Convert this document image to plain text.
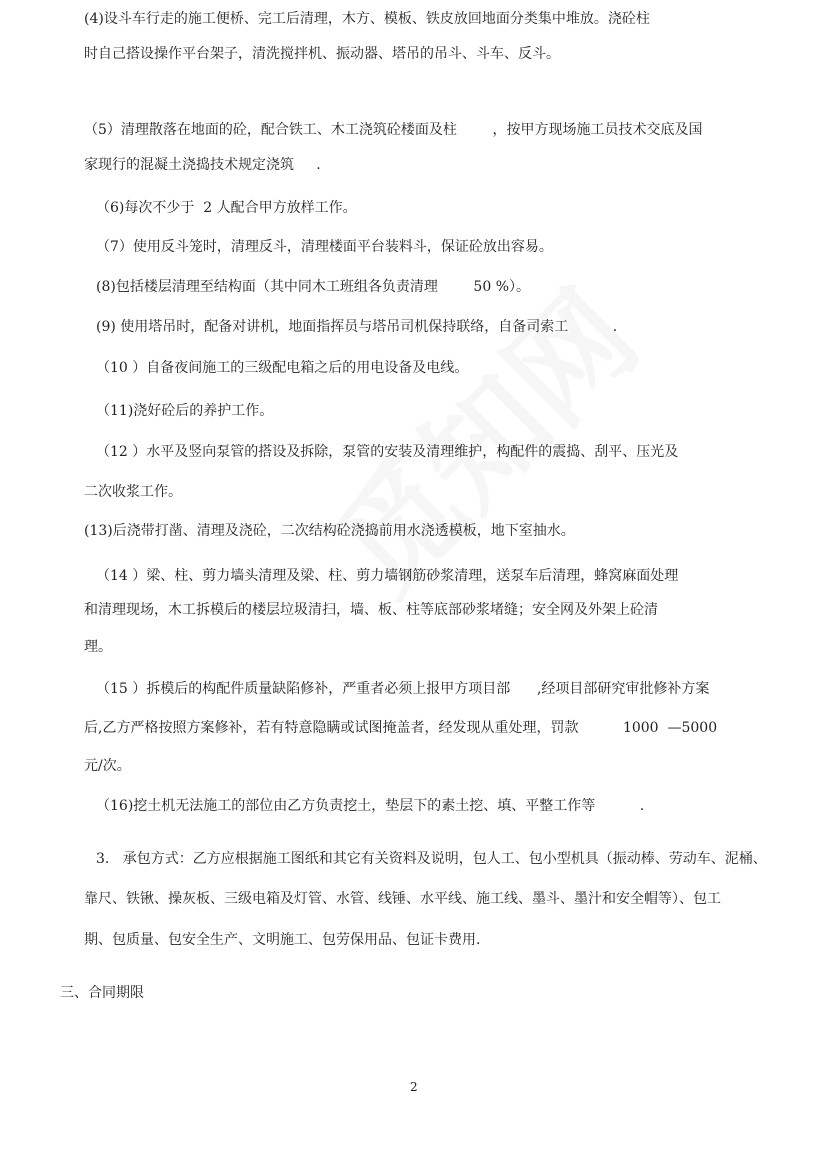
(4)设斗车行走的施工便桥、完工后清理，木方、模板、铁皮放回地面分类集中堆放。浇砼柱
时自己搭设操作平台架子，清洗搅拌机、振动器、塔吊的吊斗、斗车、反斗。
（5）清理散落在地面的砼，配合铁工、木工浇筑砼楼面及柱        ，按甲方现场施工员技术交底及国
家现行的混凝土浇捣技术规定浇筑     .
（6)每次不少于  2 人配合甲方放样工作。
（7）使用反斗笼时，清理反斗，清理楼面平台装料斗，保证砼放出容易。
(8)包括楼层清理至结构面（其中同木工班组各负责清理        50 %）。
(9) 使用塔吊时，配备对讲机，地面指挥员与塔吊司机保持联络，自备司索工          .
（10 ）自备夜间施工的三级配电箱之后的用电设备及电线。
（11)浇好砼后的养护工作。
（12 ）水平及竖向泵管的搭设及拆除，泵管的安装及清理维护，构配件的震捣、刮平、压光及
二次收浆工作。
(13)后浇带打凿、清理及浇砼，二次结构砼浇捣前用水浇透模板，地下室抽水。
（14 ）梁、柱、剪力墙头清理及梁、柱、剪力墙钢筋砂浆清理，送泵车后清理，蜂窝麻面处理
和清理现场，木工拆模后的楼层垃圾清扫，墙、板、柱等底部砂浆堵缝；安全网及外架上砼清
理。
（15 ）拆模后的构配件质量缺陷修补，严重者必须上报甲方项目部      ,经项目部研究审批修补方案
后,乙方严格按照方案修补，若有特意隐瞒或试图掩盖者，经发现从重处理，罚款          1000  —5000
元/次。
（16)挖土机无法施工的部位由乙方负责挖土，垫层下的素土挖、填、平整工作等          .
3.   承包方式：乙方应根据施工图纸和其它有关资料及说明，包人工、包小型机具（振动棒、劳动车、泥桶、
靠尺、铁锹、操灰板、三级电箱及灯管、水管、线锤、水平线、施工线、墨斗、墨汁和安全帽等）、包工
期、包质量、包安全生产、文明施工、包劳保用品、包证卡费用.
三、合同期限
2
